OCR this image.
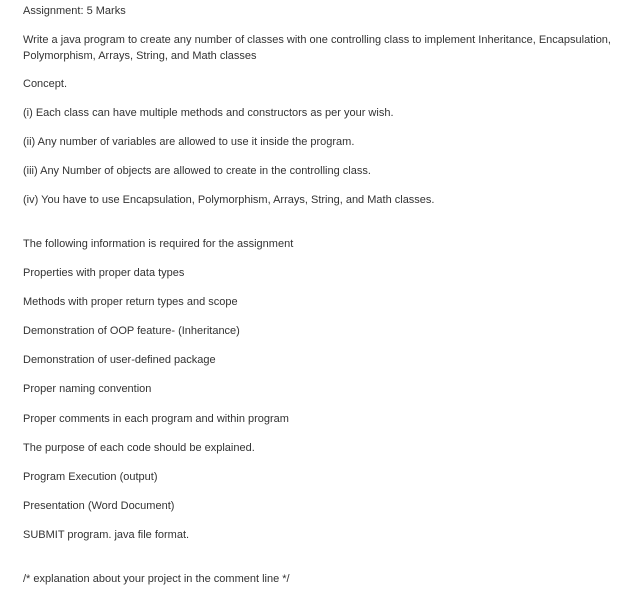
Assignment: 5 Marks
Write a java program to create any number of classes with one controlling class to implement Inheritance, Encapsulation, Polymorphism, Arrays, String, and Math classes
Concept.
(i) Each class can have multiple methods and constructors as per your wish.
(ii) Any number of variables are allowed to use it inside the program.
(iii) Any Number of objects are allowed to create in the controlling class.
(iv) You have to use Encapsulation, Polymorphism, Arrays, String, and Math classes.
The following information is required for the assignment
Properties with proper data types
Methods with proper return types and scope
Demonstration of OOP feature- (Inheritance)
Demonstration of user-defined package
Proper naming convention
Proper comments in each program and within program
The purpose of each code should be explained.
Program Execution (output)
Presentation (Word Document)
SUBMIT program. java file format.
/* explanation about your project in the comment line */
